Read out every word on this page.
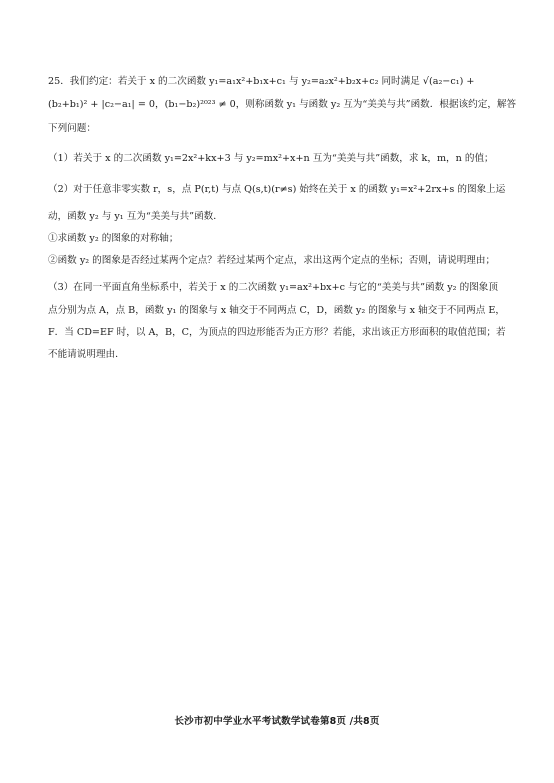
25．我们约定：若关于 x 的二次函数 y₁=a₁x²+b₁x+c₁ 与 y₂=a₂x²+b₂x+c₂ 同时满足 √(a₂−c₁) +
(b₂+b₁)² + |c₂−a₁| = 0，(b₁−b₂)²⁰²³ ≠ 0，则称函数 y₁ 与函数 y₂ 互为“美美与共”函数．根据该约定，解答
下列问题：
（1）若关于 x 的二次函数 y₁=2x²+kx+3 与 y₂=mx²+x+n 互为“美美与共”函数，求 k，m，n 的值；
（2）对于任意非零实数 r，s，点 P(r,t) 与点 Q(s,t)(r≠s) 始终在关于 x 的函数 y₁=x²+2rx+s 的图象上运
动，函数 y₂ 与 y₁ 互为“美美与共”函数．
①求函数 y₂ 的图象的对称轴；
②函数 y₂ 的图象是否经过某两个定点？若经过某两个定点，求出这两个定点的坐标；否则，请说明理由；
（3）在同一平面直角坐标系中，若关于 x 的二次函数 y₁=ax²+bx+c 与它的“美美与共”函数 y₂ 的图象顶
点分别为点 A，点 B，函数 y₁ 的图象与 x 轴交于不同两点 C，D，函数 y₂ 的图象与 x 轴交于不同两点 E，
F．当 CD=EF 时，以 A，B，C，为顶点的四边形能否为正方形？若能，求出该正方形面积的取值范围；若
不能请说明理由．
长沙市初中学业水平考试数学试卷第8页 /共8页
